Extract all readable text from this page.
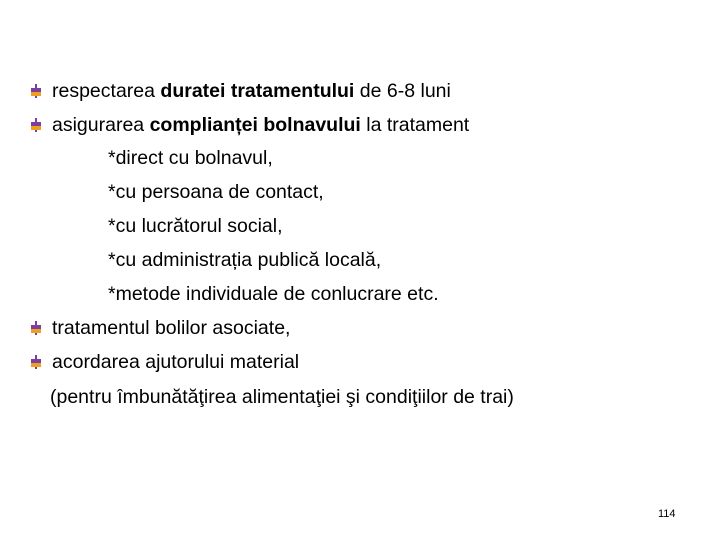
respectarea duratei tratamentului de 6-8 luni
asigurarea complianței bolnavului la tratament
*direct cu bolnavul,
*cu persoana de contact,
*cu lucrătorul social,
*cu administrația publică locală,
*metode individuale de conlucrare etc.
tratamentul bolilor asociate,
acordarea ajutorului material
(pentru îmbunătăţirea alimentaţiei şi condiţiilor de trai)
114
